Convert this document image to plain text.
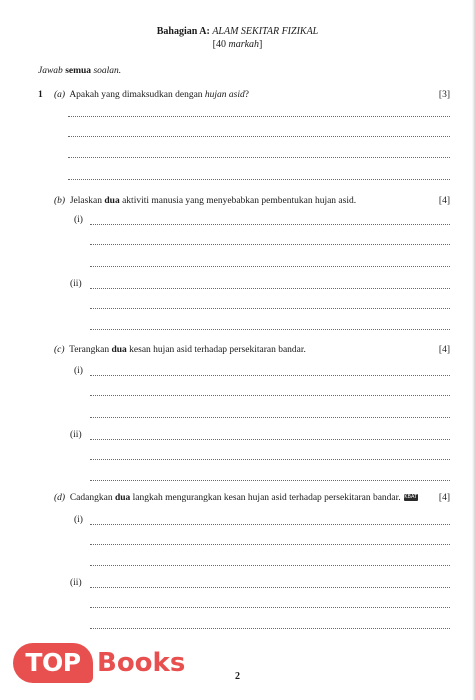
Bahagian A: ALAM SEKITAR FIZIKAL
[40 markah]
Jawab semua soalan.
1 (a) Apakah yang dimaksudkan dengan hujan asid?	[3]
(b) Jelaskan dua aktiviti manusia yang menyebabkan pembentukan hujan asid.	[4]
(i)
(ii)
(c) Terangkan dua kesan hujan asid terhadap persekitaran bandar.	[4]
(i)
(ii)
(d) Cadangkan dua langkah mengurangkan kesan hujan asid terhadap persekitaran bandar. KBAT [4]
(i)
(ii)
2
TOP Books
